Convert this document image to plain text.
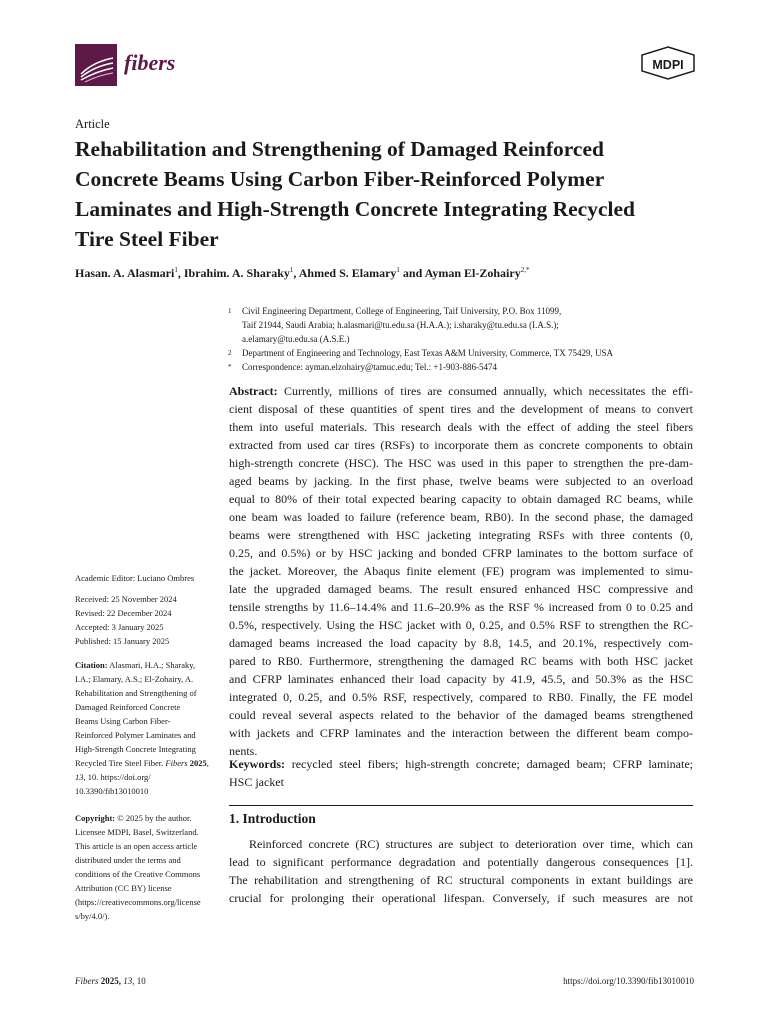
fibers	MDPI
Article
Rehabilitation and Strengthening of Damaged Reinforced
Concrete Beams Using Carbon Fiber-Reinforced Polymer
Laminates and High-Strength Concrete Integrating Recycled
Tire Steel Fiber
Hasan. A. Alasmari$^1$, Ibrahim. A. Sharaky$^1$, Ahmed S. Elamary$^1$ and Ayman El-Zohairy$^{2,*}$
1 Civil Engineering Department, College of Engineering, Taif University, P.O. Box 11099,
Taif 21944, Saudi Arabia; h.alasmari@tu.edu.sa (H.A.A.); i.sharaky@tu.edu.sa (I.A.S.);
a.elamary@tu.edu.sa (A.S.E.)
2 Department of Engineering and Technology, East Texas A&M University, Commerce, TX 75429, USA
* Correspondence: ayman.elzohairy@tamuc.edu; Tel.: +1-903-886-5474
Abstract: Currently, millions of tires are consumed annually, which necessitates the effi-
cient disposal of these quantities of spent tires and the development of means to convert
them into useful materials. This research deals with the effect of adding the steel fibers
extracted from used car tires (RSFs) to incorporate them as concrete components to obtain
high-strength concrete (HSC). The HSC was used in this paper to strengthen the pre-dam-
aged beams by jacking. In the first phase, twelve beams were subjected to an overload
equal to 80% of their total expected bearing capacity to obtain damaged RC beams, while
one beam was loaded to failure (reference beam, RB0). In the second phase, the damaged
beams were strengthened with HSC jacketing integrating RSFs with three contents (0,
0.25, and 0.5%) or by HSC jacking and bonded CFRP laminates to the bottom surface of
the jacket. Moreover, the Abaqus finite element (FE) program was implemented to simu-
late the upgraded damaged beams. The result ensured enhanced HSC compressive and
tensile strengths by 11.6–14.4% and 11.6–20.9% as the RSF % increased from 0 to 0.25 and
0.5%, respectively. Using the HSC jacket with 0, 0.25, and 0.5% RSF to strengthen the RC-
damaged beams increased the load capacity by 8.8, 14.5, and 20.1%, respectively com-
pared to RB0. Furthermore, strengthening the damaged RC beams with both HSC jacket
and CFRP laminates enhanced their load capacity by 41.9, 45.5, and 50.3% as the HSC
integrated 0, 0.25, and 0.5% RSF, respectively, compared to RB0. Finally, the FE model
could reveal several aspects related to the behavior of the damaged beams strengthened
with jackets and CFRP laminates and the interaction between the different beam compo-
nents.
Keywords: recycled steel fibers; high-strength concrete; damaged beam; CFRP laminate;
HSC jacket
Academic Editor: Luciano Ombres
Received: 25 November 2024
Revised: 22 December 2024
Accepted: 3 January 2025
Published: 15 January 2025
Citation: Alasmari, H.A.; Sharaky,
I.A.; Elamary, A.S.; El-Zohairy, A.
Rehabilitation and Strengthening of
Damaged Reinforced Concrete
Beams Using Carbon Fiber-
Reinforced Polymer Laminates and
High-Strength Concrete Integrating
Recycled Tire Steel Fiber. Fibers 2025,
13, 10. https://doi.org/
10.3390/fib13010010
Copyright: © 2025 by the author.
Licensee MDPI, Basel, Switzerland.
This article is an open access article
distributed under the terms and
conditions of the Creative Commons
Attribution (CC BY) license
(https://creativecommons.org/license
s/by/4.0/).
1. Introduction
Reinforced concrete (RC) structures are subject to deterioration over time, which can
lead to significant performance degradation and potentially dangerous consequences [1].
The rehabilitation and strengthening of RC structural components in extant buildings are
crucial for prolonging their operational lifespan. Conversely, if such measures are not
Fibers 2025, 13, 10	https://doi.org/10.3390/fib13010010
